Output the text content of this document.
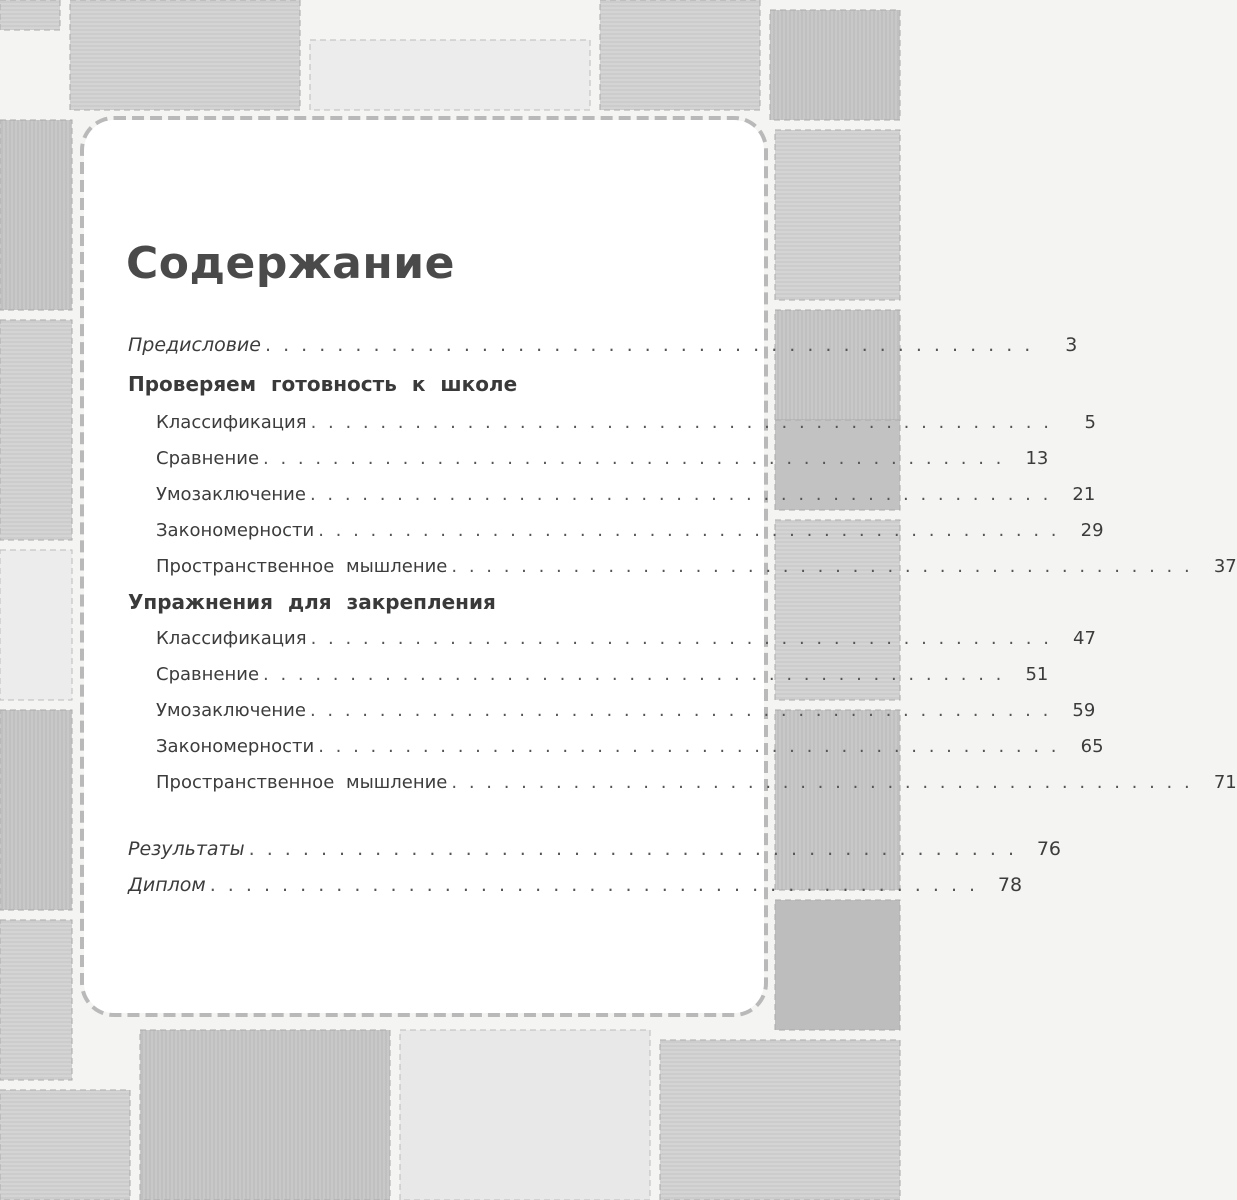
Содержание
Предисловие . . . . . . . . . . . . . . . . . . . . . . . . . . . . . . . . . . . . . . . . . . .	3
Проверяем готовность к школе
Классификация . . . . . . . . . . . . . . . . . . . . . . . . . . . . . . . . . . . . . . . . . . .	5
Сравнение . . . . . . . . . . . . . . . . . . . . . . . . . . . . . . . . . . . . . . . . . . .	13
Умозаключение . . . . . . . . . . . . . . . . . . . . . . . . . . . . . . . . . . . . . . . . . . .	21
Закономерности . . . . . . . . . . . . . . . . . . . . . . . . . . . . . . . . . . . . . . . . . . .	29
Пространственное мышление . . . . . . . . . . . . . . . . . . . . . . . . . . . . . . . . . . . . . . . . . . .	37
Упражнения для закрепления
Классификация . . . . . . . . . . . . . . . . . . . . . . . . . . . . . . . . . . . . . . . . . . .	47
Сравнение . . . . . . . . . . . . . . . . . . . . . . . . . . . . . . . . . . . . . . . . . . .	51
Умозаключение . . . . . . . . . . . . . . . . . . . . . . . . . . . . . . . . . . . . . . . . . . .	59
Закономерности . . . . . . . . . . . . . . . . . . . . . . . . . . . . . . . . . . . . . . . . . . .	65
Пространственное мышление . . . . . . . . . . . . . . . . . . . . . . . . . . . . . . . . . . . . . . . . . . .	71
Результаты . . . . . . . . . . . . . . . . . . . . . . . . . . . . . . . . . . . . . . . . . . .	76
Диплом . . . . . . . . . . . . . . . . . . . . . . . . . . . . . . . . . . . . . . . . . . .	78
